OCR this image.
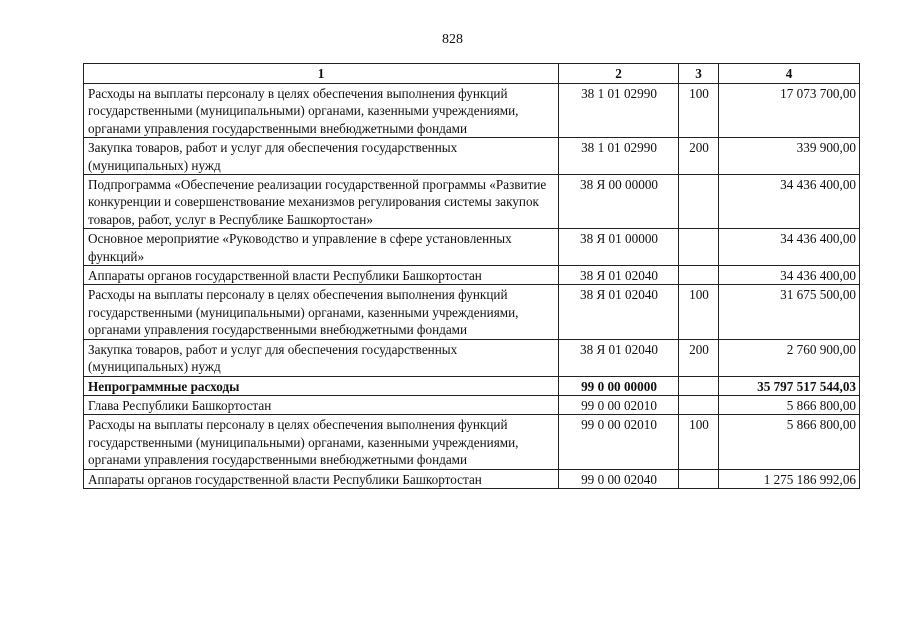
828
1	2	3	4
Расходы на выплаты персоналу в целях обеспечения выполнения функций государственными (муниципальными) органами, казенными учреждениями, органами управления государственными внебюджетными фондами	38 1 01 02990	100	17 073 700,00
Закупка товаров, работ и услуг для обеспечения государственных (муниципальных) нужд	38 1 01 02990	200	339 900,00
Подпрограмма «Обеспечение реализации государственной программы «Развитие конкуренции и совершенствование механизмов регулирования системы закупок товаров, работ, услуг в Республике Башкортостан»	38 Я 00 00000		34 436 400,00
Основное мероприятие «Руководство и управление в сфере установленных функций»	38 Я 01 00000		34 436 400,00
Аппараты органов государственной власти Республики Башкортостан	38 Я 01 02040		34 436 400,00
Расходы на выплаты персоналу в целях обеспечения выполнения функций государственными (муниципальными) органами, казенными учреждениями, органами управления государственными внебюджетными фондами	38 Я 01 02040	100	31 675 500,00
Закупка товаров, работ и услуг для обеспечения государственных (муниципальных) нужд	38 Я 01 02040	200	2 760 900,00
Непрограммные расходы	99 0 00 00000		35 797 517 544,03
Глава Республики Башкортостан	99 0 00 02010		5 866 800,00
Расходы на выплаты персоналу в целях обеспечения выполнения функций государственными (муниципальными) органами, казенными учреждениями, органами управления государственными внебюджетными фондами	99 0 00 02010	100	5 866 800,00
Аппараты органов государственной власти Республики Башкортостан	99 0 00 02040		1 275 186 992,06
